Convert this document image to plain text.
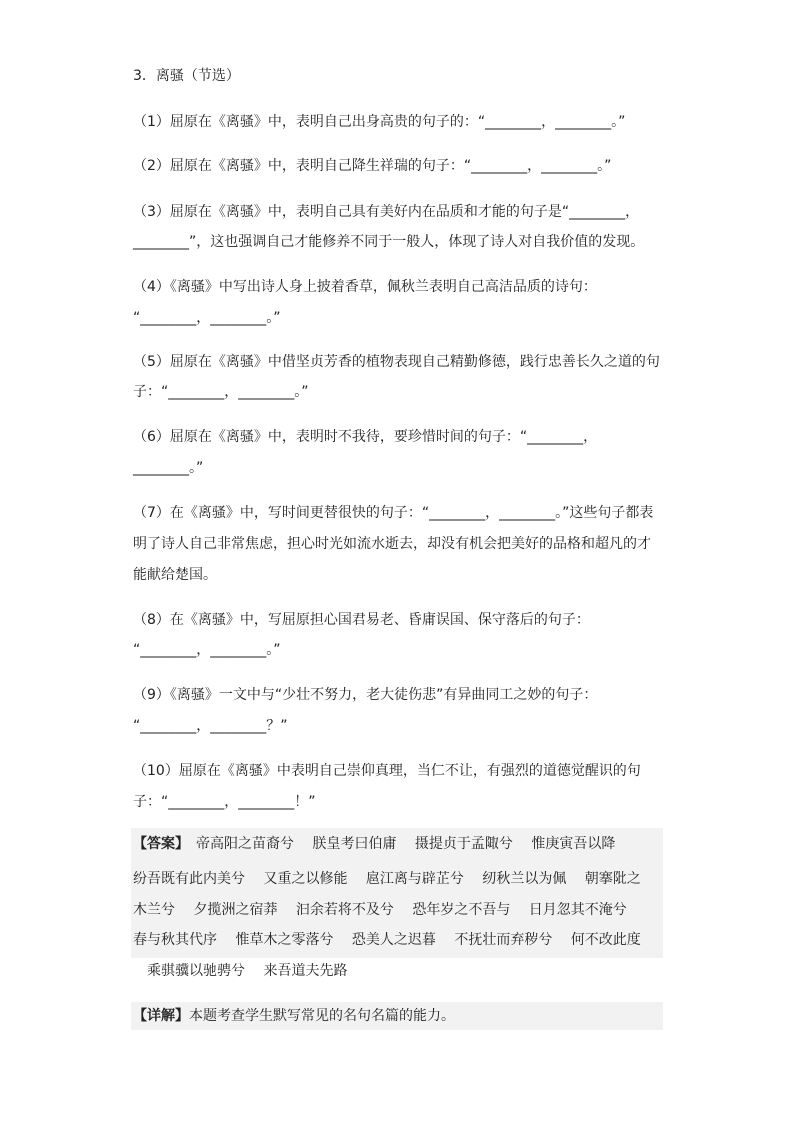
3．离骚（节选）
（1）屈原在《离骚》中，表明自己出身高贵的句子的：“________，________。”
（2）屈原在《离骚》中，表明自己降生祥瑞的句子：“________，________。”
（3）屈原在《离骚》中，表明自己具有美好内在品质和才能的句子是“________，
________”，这也强调自己才能修养不同于一般人，体现了诗人对自我价值的发现。
（4）《离骚》中写出诗人身上披着香草，佩秋兰表明自己高洁品质的诗句：
“________，________。”
（5）屈原在《离骚》中借坚贞芳香的植物表现自己精勤修德，践行忠善长久之道的句
子：“________，________。”
（6）屈原在《离骚》中，表明时不我待，要珍惜时间的句子：“________，
________。”
（7）在《离骚》中，写时间更替很快的句子：“________，________。”这些句子都表
明了诗人自己非常焦虑，担心时光如流水逝去，却没有机会把美好的品格和超凡的才
能献给楚国。
（8）在《离骚》中，写屈原担心国君易老、昏庸误国、保守落后的句子：
“________，________。”
（9）《离骚》一文中与“少壮不努力，老大徒伤悲”有异曲同工之妙的句子：
“________，________？”
（10）屈原在《离骚》中表明自己崇仰真理，当仁不让，有强烈的道德觉醒识的句
子：“________，________！”
【答案】　帝高阳之苗裔兮　 朕皇考曰伯庸　 摄提贞于孟陬兮　 惟庚寅吾以降
纷吾既有此内美兮　 又重之以修能　 扈江离与辟芷兮　 纫秋兰以为佩　 朝搴阰之
木兰兮　 夕揽洲之宿莽　 汩余若将不及兮　 恐年岁之不吾与　 日月忽其不淹兮
春与秋其代序　 惟草木之零落兮　 恐美人之迟暮　 不抚壮而弃秽兮　 何不改此度
　乘骐骥以驰骋兮　 来吾道夫先路
【详解】本题考查学生默写常见的名句名篇的能力。
